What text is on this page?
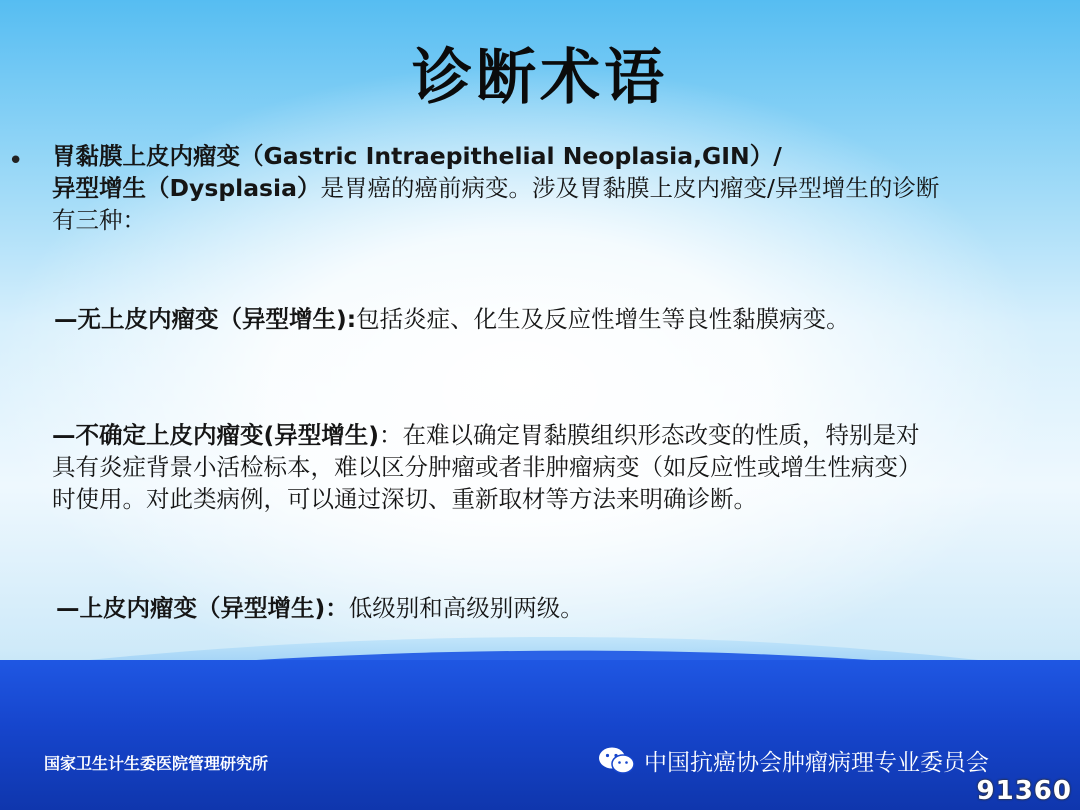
诊断术语
• 胃黏膜上皮内瘤变（Gastric Intraepithelial Neoplasia,GIN）/
异型增生（Dysplasia）是胃癌的癌前病变。涉及胃黏膜上皮内瘤变/异型增生的诊断有三种：
—无上皮内瘤变（异型增生):包括炎症、化生及反应性增生等良性黏膜病变。
—不确定上皮内瘤变(异型增生)：在难以确定胃黏膜组织形态改变的性质，特别是对具有炎症背景小活检标本，难以区分肿瘤或者非肿瘤病变（如反应性或增生性病变）时使用。对此类病例，可以通过深切、重新取材等方法来明确诊断。
—上皮内瘤变（异型增生)：低级别和高级别两级。
国家卫生计生委医院管理研究所	中国抗癌协会肿瘤病理专业委员会
91360
